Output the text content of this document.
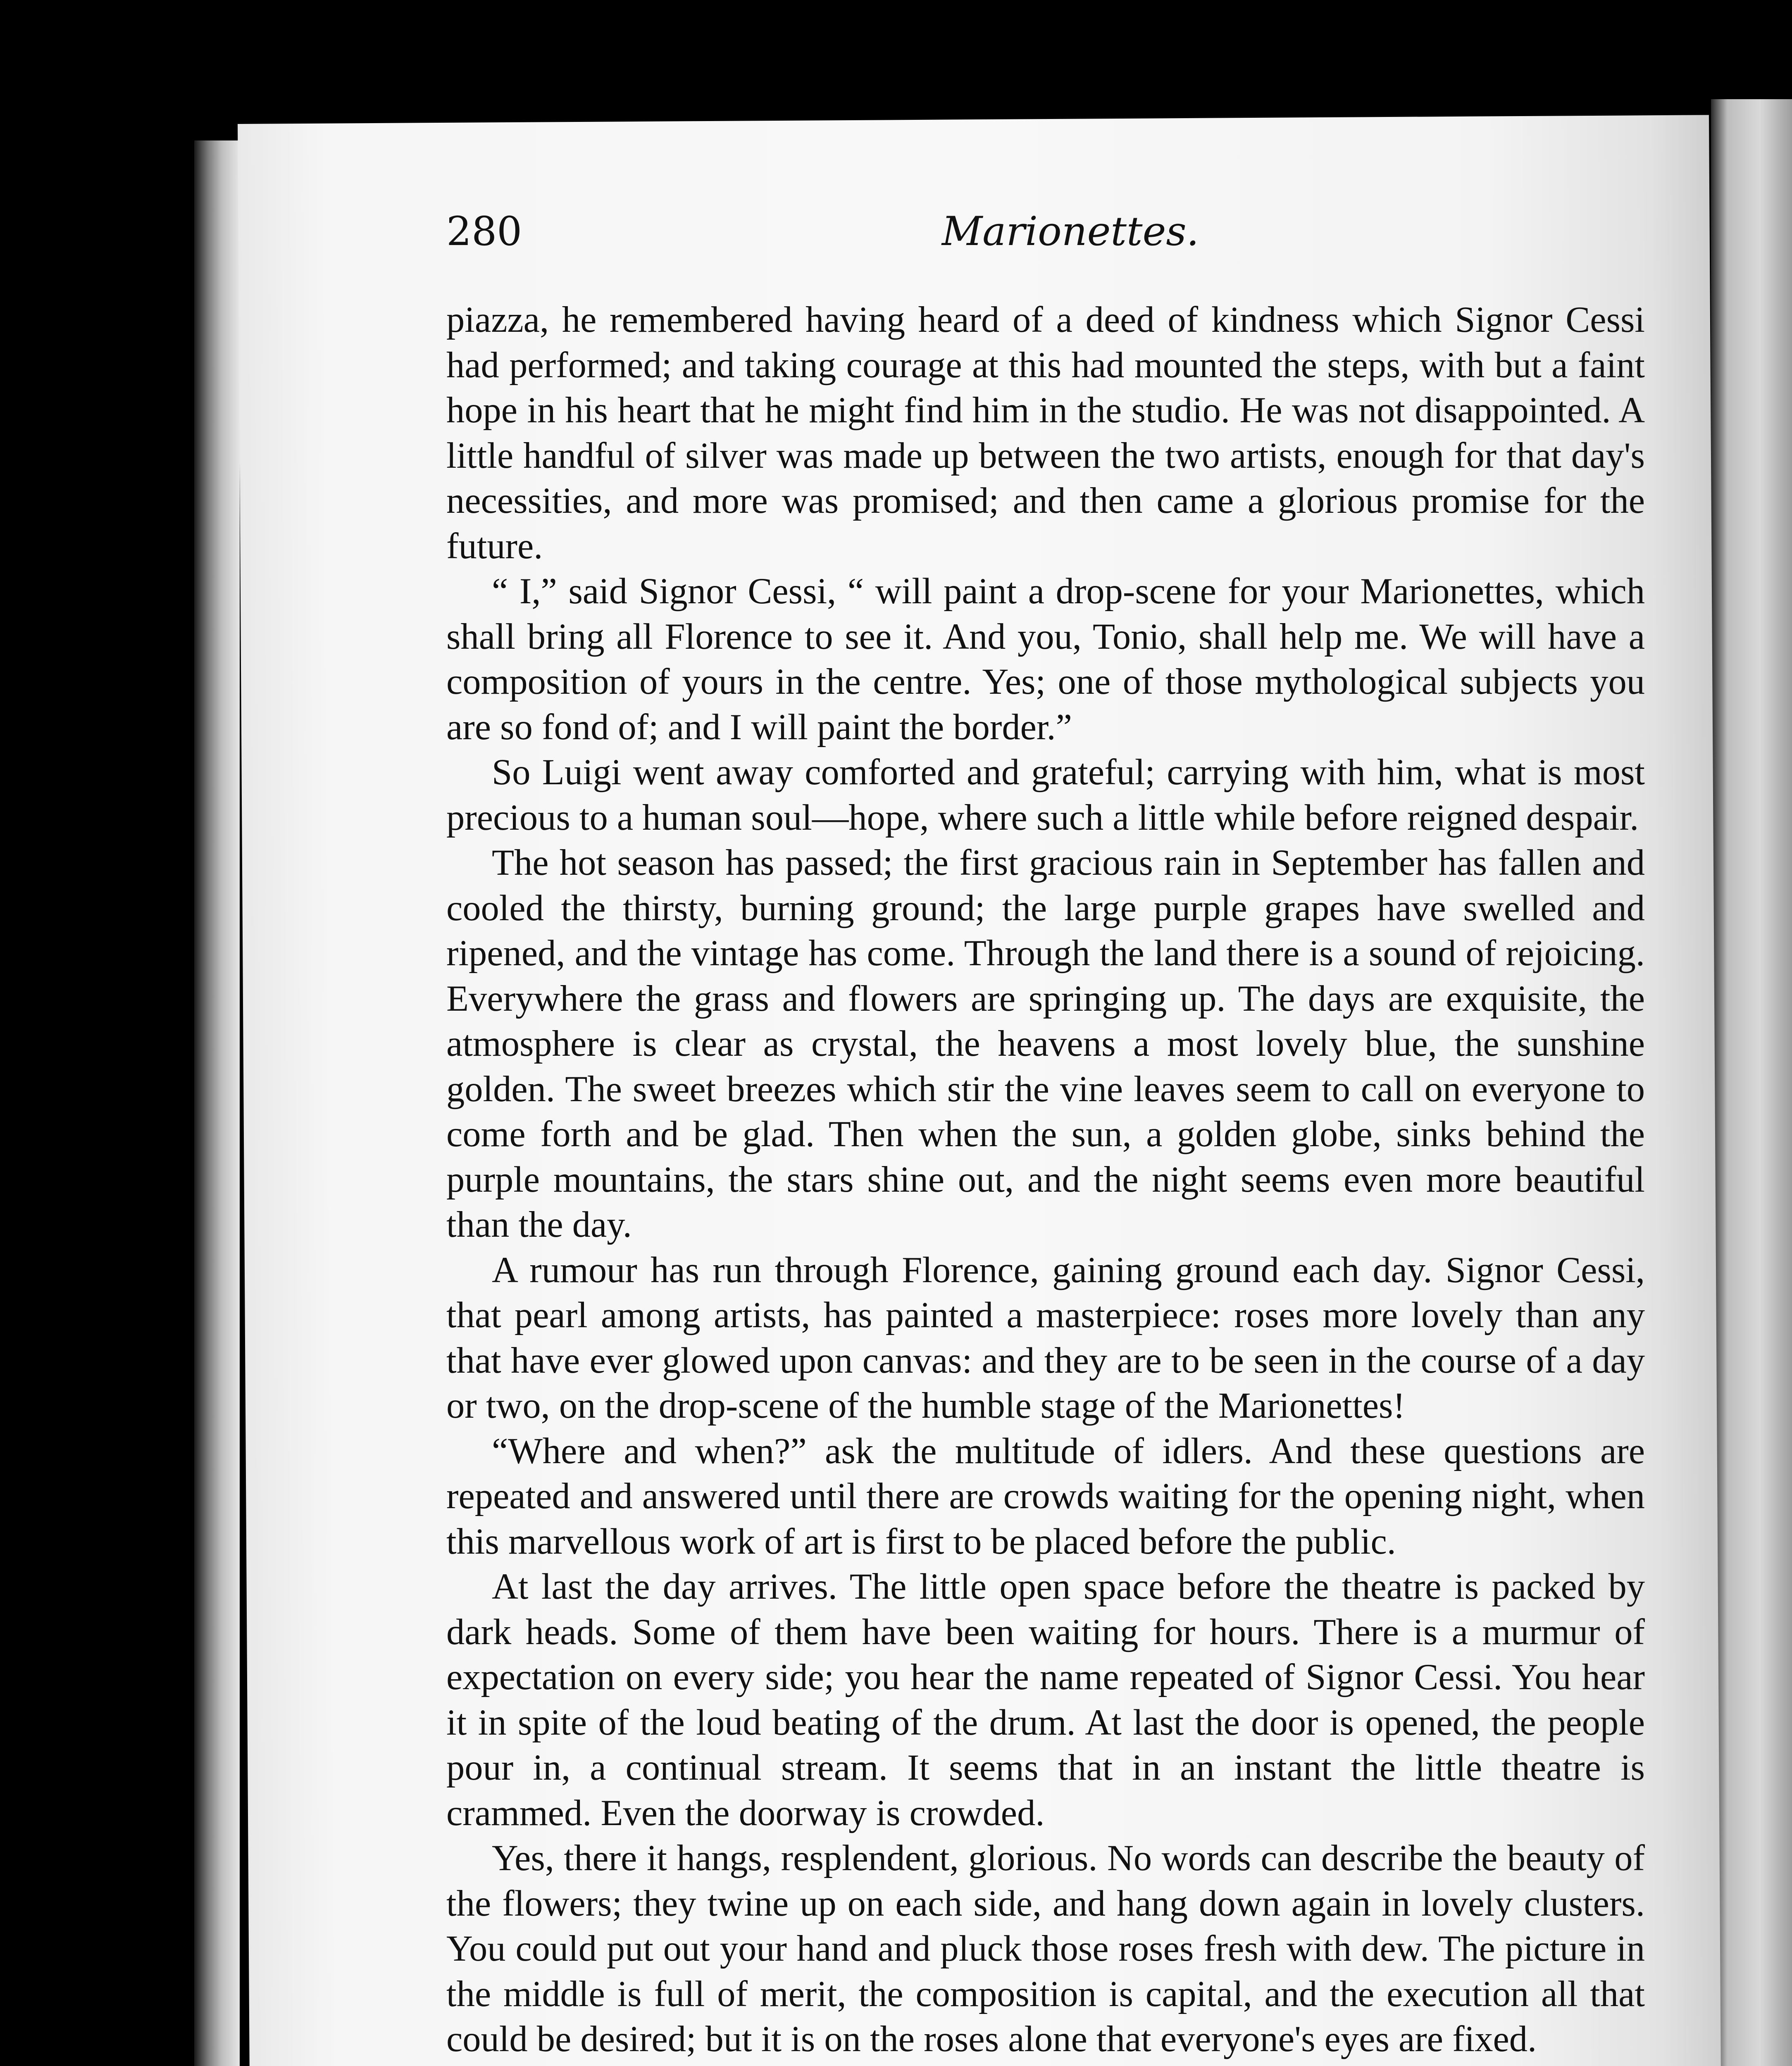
280	Marionettes.

piazza, he remembered having heard of a deed of kindness which Signor Cessi had performed; and taking courage at this had mounted the steps, with but a faint hope in his heart that he might find him in the studio. He was not disappointed. A little handful of silver was made up between the two artists, enough for that day's necessities, and more was promised; and then came a glorious promise for the future.

“ I,” said Signor Cessi, “ will paint a drop-scene for your Marionettes, which shall bring all Florence to see it. And you, Tonio, shall help me. We will have a composition of yours in the centre. Yes; one of those mythological subjects you are so fond of; and I will paint the border.”

So Luigi went away comforted and grateful; carrying with him, what is most precious to a human soul—hope, where such a little while before reigned despair.

The hot season has passed; the first gracious rain in September has fallen and cooled the thirsty, burning ground; the large purple grapes have swelled and ripened, and the vintage has come. Through the land there is a sound of rejoicing. Everywhere the grass and flowers are springing up. The days are exquisite, the atmosphere is clear as crystal, the heavens a most lovely blue, the sunshine golden. The sweet breezes which stir the vine leaves seem to call on everyone to come forth and be glad. Then when the sun, a golden globe, sinks behind the purple mountains, the stars shine out, and the night seems even more beautiful than the day.

A rumour has run through Florence, gaining ground each day. Signor Cessi, that pearl among artists, has painted a masterpiece: roses more lovely than any that have ever glowed upon canvas: and they are to be seen in the course of a day or two, on the drop-scene of the humble stage of the Marionettes!

“Where and when?” ask the multitude of idlers. And these questions are repeated and answered until there are crowds waiting for the opening night, when this marvellous work of art is first to be placed before the public.

At last the day arrives. The little open space before the theatre is packed by dark heads. Some of them have been waiting for hours. There is a murmur of expectation on every side; you hear the name repeated of Signor Cessi. You hear it in spite of the loud beating of the drum. At last the door is opened, the people pour in, a continual stream. It seems that in an instant the little theatre is crammed. Even the doorway is crowded.

Yes, there it hangs, resplendent, glorious. No words can describe the beauty of the flowers; they twine up on each side, and hang down again in lovely clusters. You could put out your hand and pluck those roses fresh with dew. The picture in the middle is full of merit, the composition is capital, and the execution all that could be desired; but it is on the roses alone that everyone's eyes are fixed.
